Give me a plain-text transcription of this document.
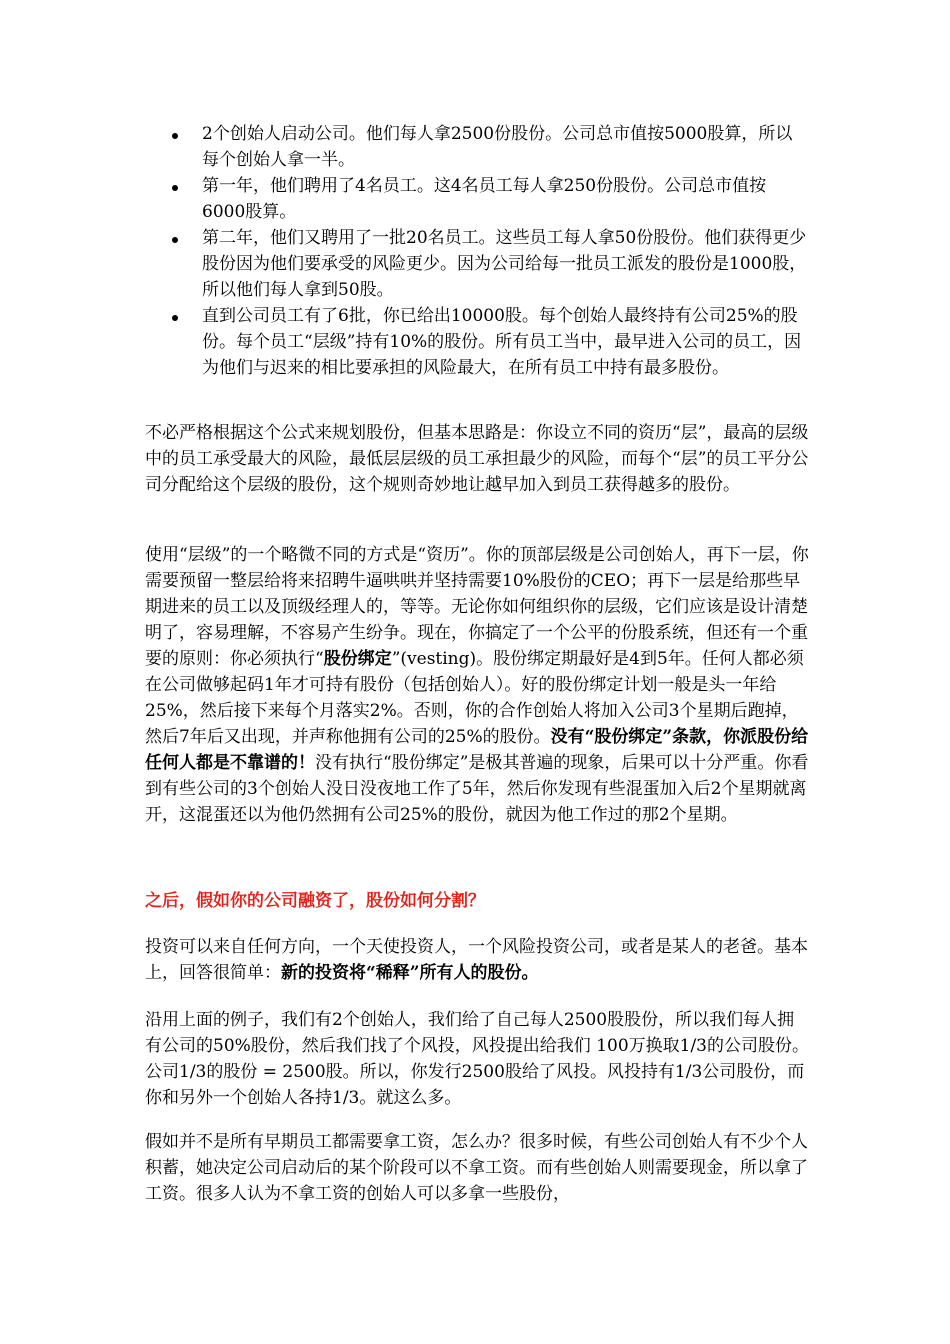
2个创始人启动公司。他们每人拿2500份股份。公司总市值按5000股算，所以每个创始人拿一半。
第一年，他们聘用了4名员工。这4名员工每人拿250份股份。公司总市值按6000股算。
第二年，他们又聘用了一批20名员工。这些员工每人拿50份股份。他们获得更少股份因为他们要承受的风险更少。因为公司给每一批员工派发的股份是1000股，所以他们每人拿到50股。
直到公司员工有了6批，你已给出10000股。每个创始人最终持有公司25%的股份。每个员工“层级”持有10%的股份。所有员工当中，最早进入公司的员工，因为他们与迟来的相比要承担的风险最大，在所有员工中持有最多股份。

不必严格根据这个公式来规划股份，但基本思路是：你设立不同的资历“层”，最高的层级中的员工承受最大的风险，最低层层级的员工承担最少的风险，而每个“层”的员工平分公司分配给这个层级的股份，这个规则奇妙地让越早加入到员工获得越多的股份。

使用“层级”的一个略微不同的方式是“资历”。你的顶部层级是公司创始人，再下一层，你需要预留一整层给将来招聘牛逼哄哄并坚持需要10%股份的CEO；再下一层是给那些早期进来的员工以及顶级经理人的，等等。无论你如何组织你的层级，它们应该是设计清楚明了，容易理解，不容易产生纷争。现在，你搞定了一个公平的份股系统，但还有一个重要的原则：你必须执行“股份绑定”(vesting)。股份绑定期最好是4到5年。任何人都必须在公司做够起码1年才可持有股份（包括创始人）。好的股份绑定计划一般是头一年给25%，然后接下来每个月落实2%。否则，你的合作创始人将加入公司3个星期后跑掉，然后7年后又出现，并声称他拥有公司的25%的股份。没有“股份绑定”条款，你派股份给任何人都是不靠谱的！没有执行“股份绑定”是极其普遍的现象，后果可以十分严重。你看到有些公司的3个创始人没日没夜地工作了5年，然后你发现有些混蛋加入后2个星期就离开，这混蛋还以为他仍然拥有公司25%的股份，就因为他工作过的那2个星期。

之后，假如你的公司融资了，股份如何分割？

投资可以来自任何方向，一个天使投资人，一个风险投资公司，或者是某人的老爸。基本上，回答很简单：新的投资将“稀释”所有人的股份。

沿用上面的例子，我们有2个创始人，我们给了自己每人2500股股份，所以我们每人拥有公司的50%股份，然后我们找了个风投，风投提出给我们 100万换取1/3的公司股份。公司1/3的股份 = 2500股。所以，你发行2500股给了风投。风投持有1/3公司股份，而你和另外一个创始人各持1/3。就这么多。

假如并不是所有早期员工都需要拿工资，怎么办？很多时候，有些公司创始人有不少个人积蓄，她决定公司启动后的某个阶段可以不拿工资。而有些创始人则需要现金，所以拿了工资。很多人认为不拿工资的创始人可以多拿一些股份，
